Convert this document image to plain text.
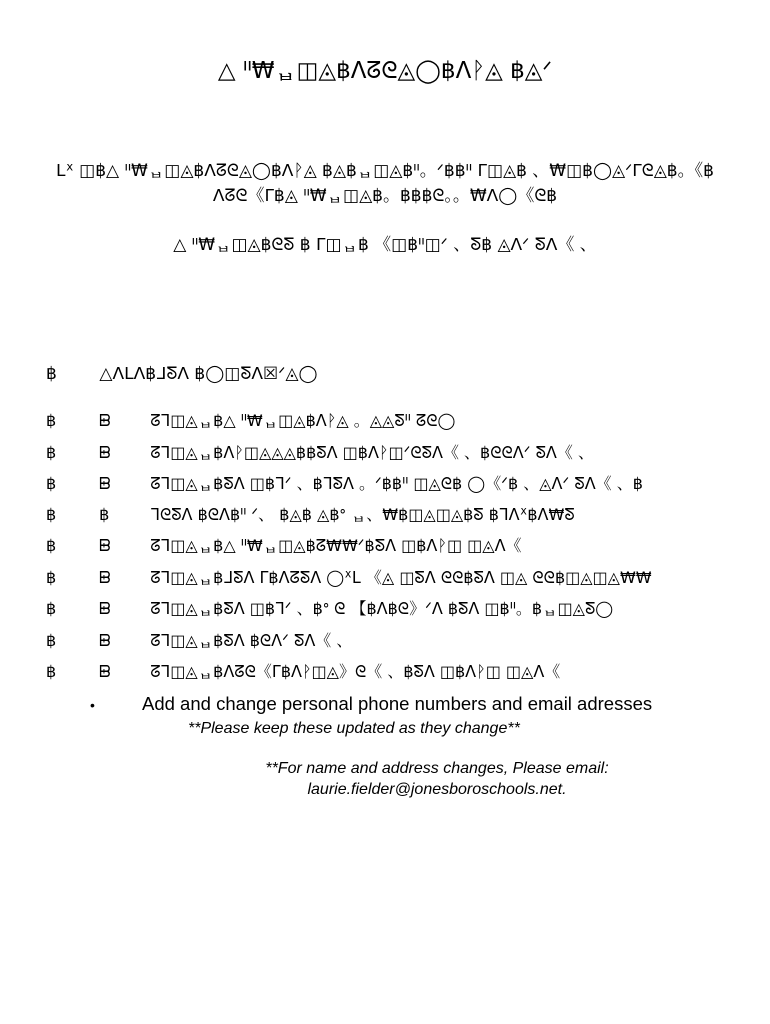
△ ᐦ₩ᆸ◫◬฿ᐱᘔᘓ◬◯฿ᐱᚹ◬ ฿◬ᐟ
ᒪᕽ ◫฿△ ᐦ₩ᆸ◫◬฿ᐱᘔᘓ◬◯฿ᐱᚹ◬ ฿◬฿ᆸ◫◬฿ᐦ。ᐟ฿฿ᐦ ᒥ◫◬฿ 、₩◫฿◯◬ᐟᒥᘓ◬฿。《฿
ᐱᘔᘓ《ᒥ฿◬ ᐦ₩ᆸ◫◬฿。฿฿฿ᘓ。。₩ᐱ◯《ᘓ฿
△ ᐦ₩ᆸ◫◬฿ᘓᘕ ฿ ᒥ◫ᆸ฿ 《◫฿ᐦ◫ᐟ 、ᘕ฿ ◬ᐱᐟ ᘕᐱ《 、
฿	△ᐱᒪᐱ฿ᒧᘕᐱ ฿◯◫ᘕᐱ☒ᐟ◬◯
฿	ᗸ ᘔᒣ◫◬ᆸ฿△ ᐦ₩ᆸ◫◬฿ᐱᚹ◬ 。◬◬ᘕᐦ ᘔᘓ◯
฿	ᗸ ᘔᒣ◫◬ᆸ฿ᐱᚹ◫◬◬◬฿฿ᘕᐱ ◫฿ᐱᚹ◫ᐟᘓᘕᐱ《 、฿ᘓᘓᐱᐟ ᘕᐱ《 、
฿	ᗸ ᘔᒣ◫◬ᆸ฿ᘕᐱ ◫฿ᒣᐟ 、฿ᒣᘕᐱ 。ᐟ฿฿ᐦ ◫◬ᘓ฿ ◯《ᐟ฿ 、◬ᐱᐟ ᘕᐱ《 、฿
฿	฿	ᒣᘓᘕᐱ ฿ᘓᐱ฿ᐦ ᐟ、 ฿◬฿ ◬฿ᐤ ᆸ、₩฿◫◬◫◬฿ᘕ ฿ᒣᐱᕽ฿ᐱ₩ᘕ
฿	ᗸ ᘔᒣ◫◬ᆸ฿△ ᐦ₩ᆸ◫◬฿ᘔ₩₩ᐟ฿ᘕᐱ ◫฿ᐱᚹ◫ ◫◬ᐱ《
฿	ᗸ ᘔᒣ◫◬ᆸ฿ᒧᘕᐱ ᒥ฿ᐱᘔᘕᐱ ◯ᕽᒪ 《◬ ◫ᘕᐱ ᘓᘓ฿ᘕᐱ ◫◬ ᘓᘓ฿◫◬◫◬₩₩
฿	ᗸ ᘔᒣ◫◬ᆸ฿ᘕᐱ ◫฿ᒣᐟ 、฿ᐤ ᘓ 【฿ᐱ฿ᘓ》ᐟᐱ ฿ᘕᐱ ◫฿ᐦ。฿ᆸ◫◬ᘕ◯
฿	ᗸ ᘔᒣ◫◬ᆸ฿ᘕᐱ ฿ᘓᐱᐟ ᘕᐱ《 、
฿	ᗸ ᘔᒣ◫◬ᆸ฿ᐱᘔᘓ《ᒥ฿ᐱᚹ◫◬》ᘓ《 、฿ᘕᐱ ◫฿ᐱᚹ◫ ◫◬ᐱ《
•	Add and change personal phone numbers and email adresses
**Please keep these updated as they change**
**For name and address changes, Please email:
laurie.fielder@jonesboroschools.net.
